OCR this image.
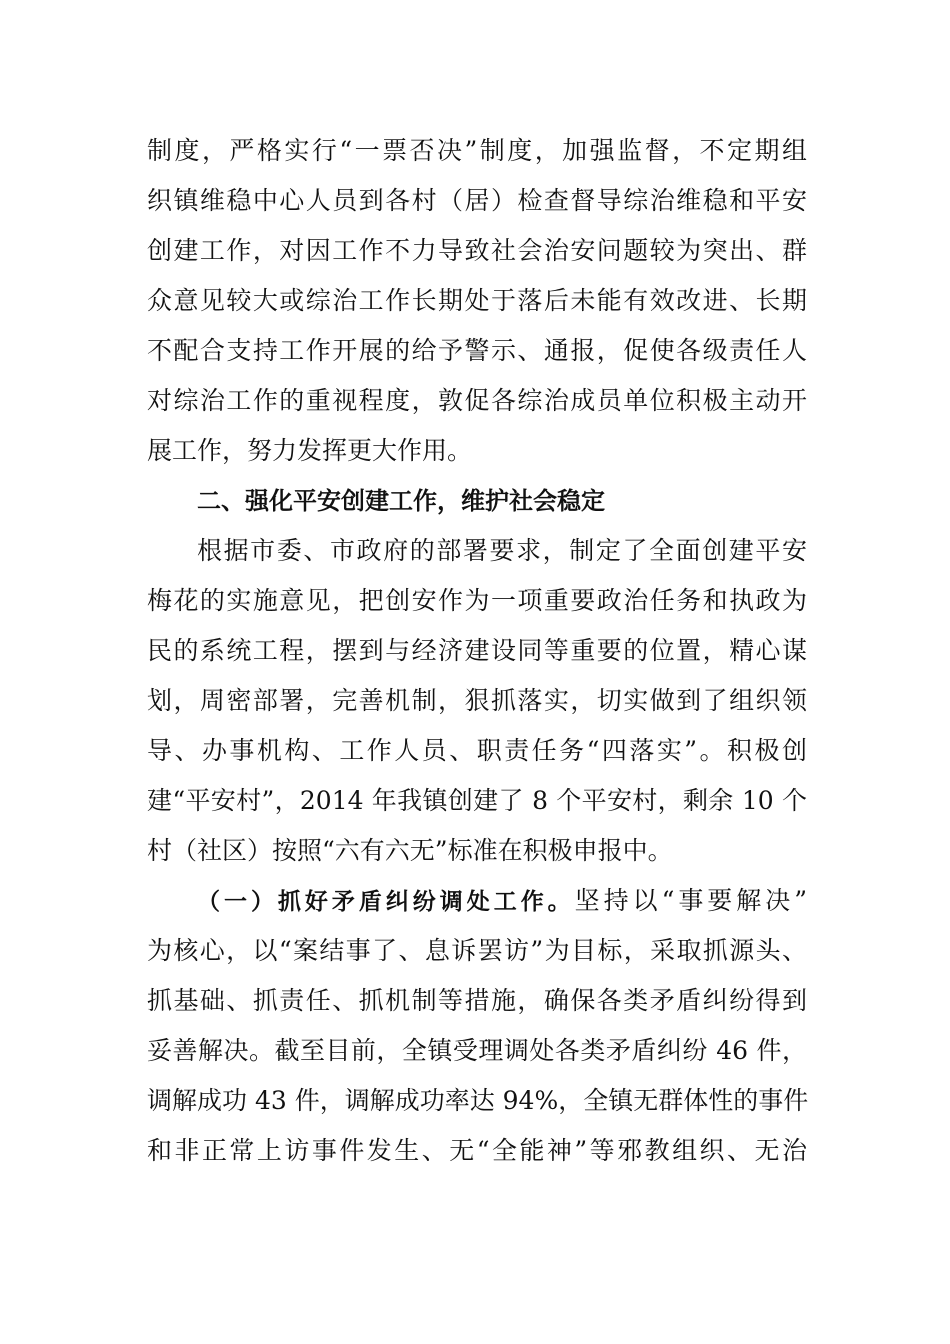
制度，严格实行“一票否决”制度，加强监督，不定期组
织镇维稳中心人员到各村（居）检查督导综治维稳和平安
创建工作，对因工作不力导致社会治安问题较为突出、群
众意见较大或综治工作长期处于落后未能有效改进、长期
不配合支持工作开展的给予警示、通报，促使各级责任人
对综治工作的重视程度，敦促各综治成员单位积极主动开
展工作，努力发挥更大作用。
二、强化平安创建工作，维护社会稳定
根据市委、市政府的部署要求，制定了全面创建平安
梅花的实施意见，把创安作为一项重要政治任务和执政为
民的系统工程，摆到与经济建设同等重要的位置，精心谋
划，周密部署，完善机制，狠抓落实，切实做到了组织领
导、办事机构、工作人员、职责任务“四落实”。积极创
建“平安村”，2014 年我镇创建了 8 个平安村，剩余 10 个
村（社区）按照“六有六无”标准在积极申报中。
（一）抓好矛盾纠纷调处工作。坚持以“事要解决”
为核心，以“案结事了、息诉罢访”为目标，采取抓源头、
抓基础、抓责任、抓机制等措施，确保各类矛盾纠纷得到
妥善解决。截至目前，全镇受理调处各类矛盾纠纷 46 件，
调解成功 43 件，调解成功率达 94%，全镇无群体性的事件
和非正常上访事件发生、无“全能神”等邪教组织、无治
